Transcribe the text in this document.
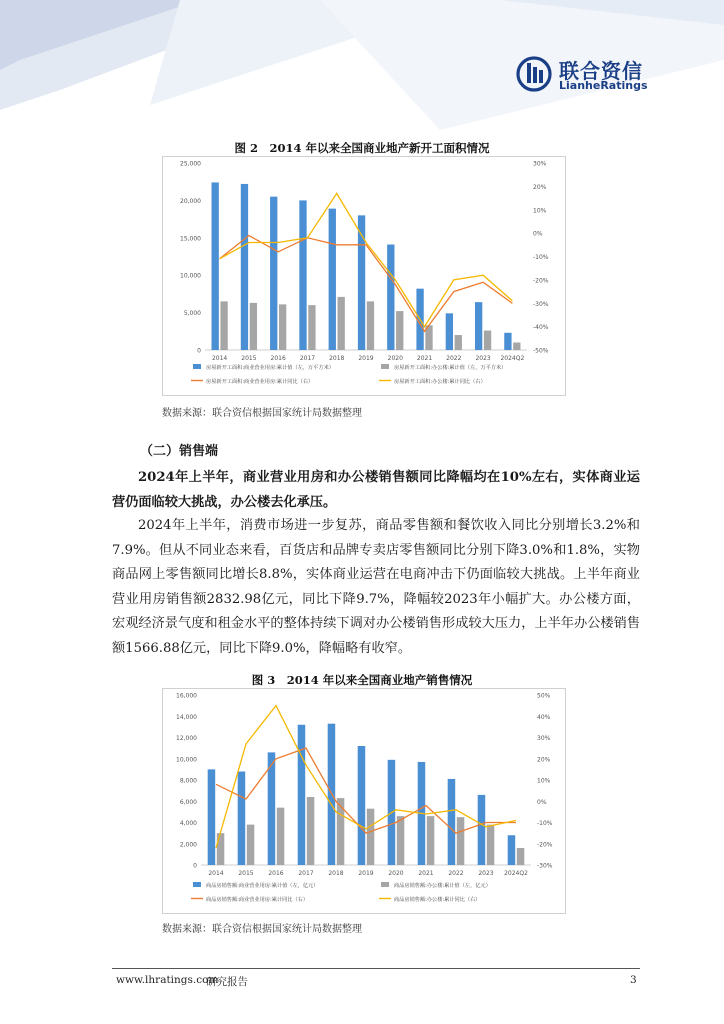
联合资信
LianheRatings
图 2　2014 年以来全国商业地产新开工面积情况
0
5,000
10,000
15,000
20,000
25,000
-50%
-40%
-30%
-20%
-10%
0%
10%
20%
30%
2014 2015 2016 2017 2018 2019 2020 2021 2022 2023 2024Q2
房屋新开工面积:商业营业用房:累计值（左，万平方米）	房屋新开工面积:办公楼:累计值（左，万平方米）
房屋新开工面积:商业营业用房:累计同比（右）	房屋新开工面积:办公楼:累计同比（右）
数据来源：联合资信根据国家统计局数据整理
（二）销售端

2024年上半年，商业营业用房和办公楼销售额同比降幅均在10%左右，实体商业运营仍面临较大挑战，办公楼去化承压。

2024年上半年，消费市场进一步复苏，商品零售额和餐饮收入同比分别增长3.2%和7.9%。但从不同业态来看，百货店和品牌专卖店零售额同比分别下降3.0%和1.8%，实物商品网上零售额同比增长8.8%，实体商业运营在电商冲击下仍面临较大挑战。上半年商业营业用房销售额2832.98亿元，同比下降9.7%，降幅较2023年小幅扩大。办公楼方面，宏观经济景气度和租金水平的整体持续下调对办公楼销售形成较大压力，上半年办公楼销售额1566.88亿元，同比下降9.0%，降幅略有收窄。

图 3　2014 年以来全国商业地产销售情况
0
2,000
4,000
6,000
8,000
10,000
12,000
14,000
16,000
-30%
-20%
-10%
0%
10%
20%
30%
40%
50%
2014 2015 2016 2017 2018 2019 2020 2021 2022 2023 2024Q2
商品房销售额:商业营业用房:累计值（左，亿元）	商品房销售额:办公楼:累计值（左，亿元）
商品房销售额:商业营业用房:累计同比（右）	商品房销售额:办公楼:累计同比（右）
数据来源：联合资信根据国家统计局数据整理
www.lhratings.com
研究报告	3
